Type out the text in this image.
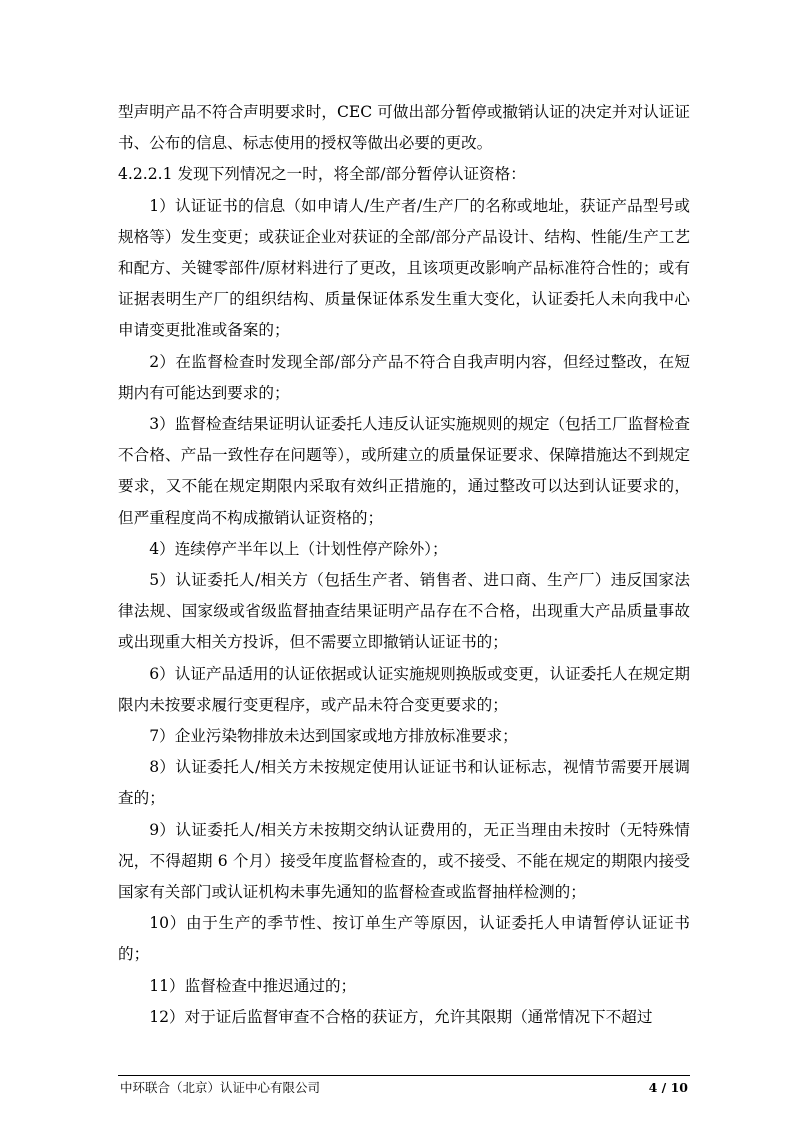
型声明产品不符合声明要求时，CEC 可做出部分暂停或撤销认证的决定并对认证证书、公布的信息、标志使用的授权等做出必要的更改。

4.2.2.1 发现下列情况之一时，将全部/部分暂停认证资格：

1）认证证书的信息（如申请人/生产者/生产厂的名称或地址，获证产品型号或规格等）发生变更；或获证企业对获证的全部/部分产品设计、结构、性能/生产工艺和配方、关键零部件/原材料进行了更改，且该项更改影响产品标准符合性的；或有证据表明生产厂的组织结构、质量保证体系发生重大变化，认证委托人未向我中心申请变更批准或备案的；

2）在监督检查时发现全部/部分产品不符合自我声明内容，但经过整改，在短期内有可能达到要求的；

3）监督检查结果证明认证委托人违反认证实施规则的规定（包括工厂监督检查不合格、产品一致性存在问题等），或所建立的质量保证要求、保障措施达不到规定要求，又不能在规定期限内采取有效纠正措施的，通过整改可以达到认证要求的，但严重程度尚不构成撤销认证资格的；

4）连续停产半年以上（计划性停产除外）；

5）认证委托人/相关方（包括生产者、销售者、进口商、生产厂）违反国家法律法规、国家级或省级监督抽查结果证明产品存在不合格，出现重大产品质量事故或出现重大相关方投诉，但不需要立即撤销认证证书的；

6）认证产品适用的认证依据或认证实施规则换版或变更，认证委托人在规定期限内未按要求履行变更程序，或产品未符合变更要求的；

7）企业污染物排放未达到国家或地方排放标准要求；

8）认证委托人/相关方未按规定使用认证证书和认证标志，视情节需要开展调查的；

9）认证委托人/相关方未按期交纳认证费用的，无正当理由未按时（无特殊情况，不得超期 6 个月）接受年度监督检查的，或不接受、不能在规定的期限内接受国家有关部门或认证机构未事先通知的监督检查或监督抽样检测的；

10）由于生产的季节性、按订单生产等原因，认证委托人申请暂停认证证书的；

11）监督检查中推迟通过的；

12）对于证后监督审查不合格的获证方，允许其限期（通常情况下不超过

中环联合（北京）认证中心有限公司	4 / 10
